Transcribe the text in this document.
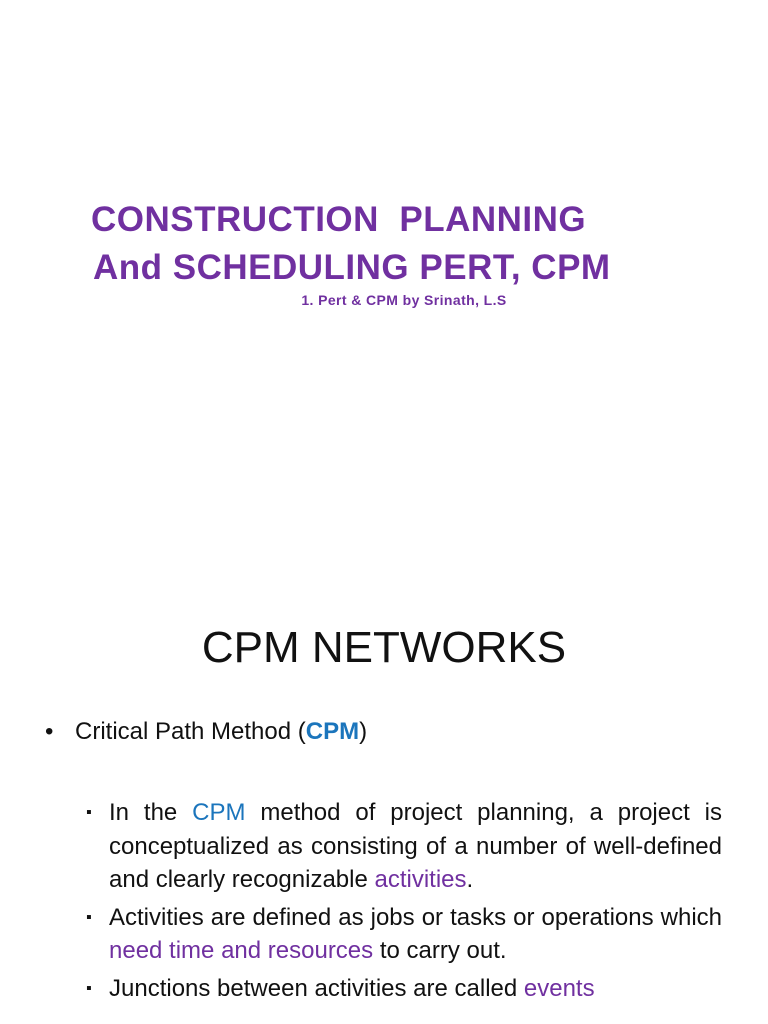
CONSTRUCTION  PLANNING
And SCHEDULING PERT, CPM
1. Pert & CPM by Srinath, L.S
CPM NETWORKS
• Critical Path Method (CPM)
▪ In the CPM method of project planning, a project is conceptualized as consisting of a number of well-defined and clearly recognizable activities.
▪ Activities are defined as jobs or tasks or operations which need time and resources to carry out.
▪ Junctions between activities are called events
